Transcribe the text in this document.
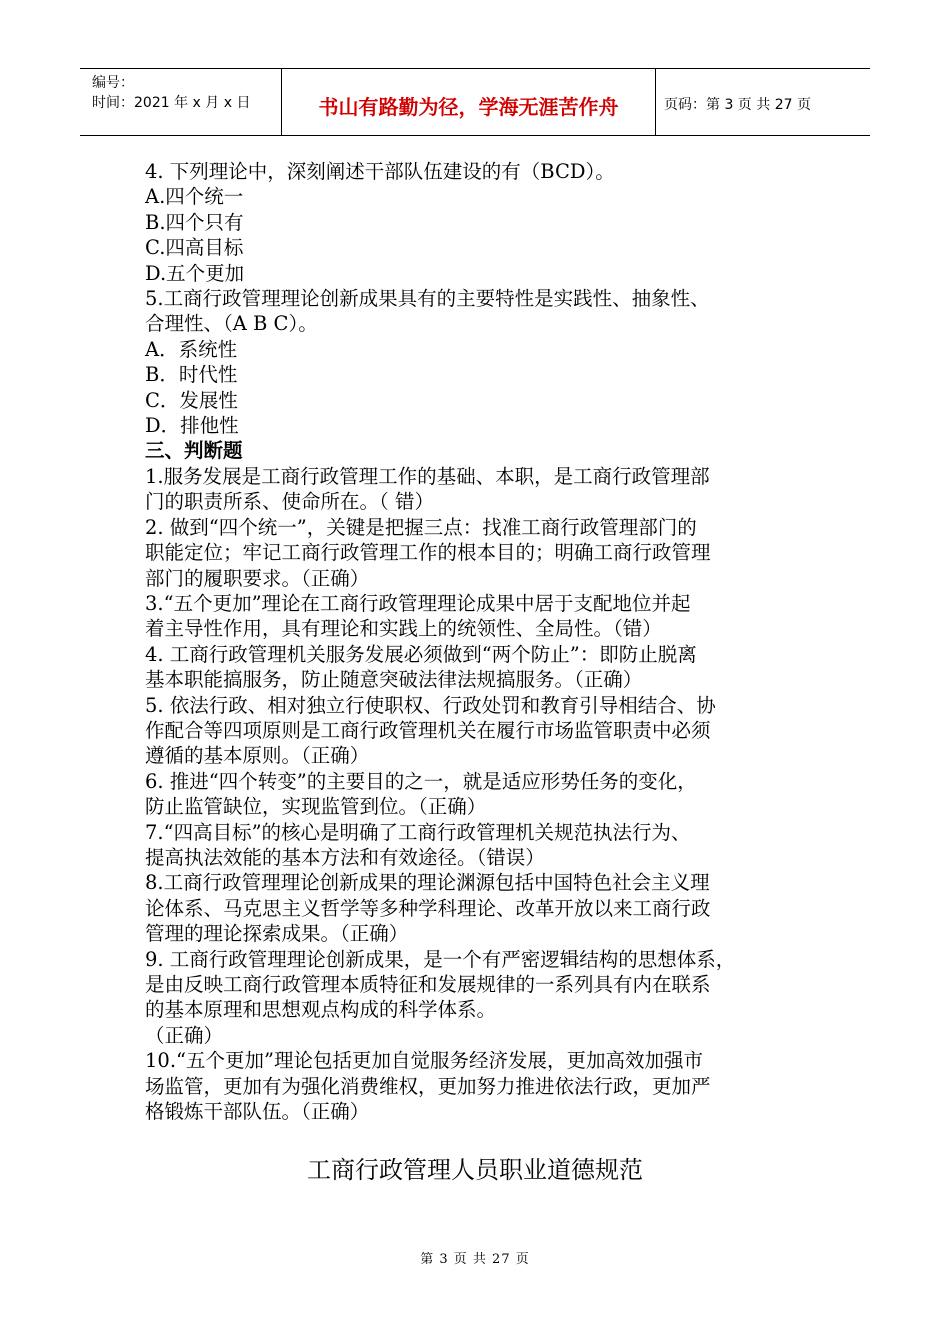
编号：
时间：2021 年 x 月 x 日	书山有路勤为径，学海无涯苦作舟	页码：第 3 页 共 27 页
4. 下列理论中，深刻阐述干部队伍建设的有（BCD）。
A.四个统一
B.四个只有
C.四高目标
D.五个更加
5.工商行政管理理论创新成果具有的主要特性是实践性、抽象性、
合理性、（A B C）。
A．系统性
B．时代性
C．发展性
D．排他性
三、判断题
1.服务发展是工商行政管理工作的基础、本职，是工商行政管理部
门的职责所系、使命所在。（ 错）
2. 做到“四个统一”，关键是把握三点：找准工商行政管理部门的
职能定位；牢记工商行政管理工作的根本目的；明确工商行政管理
部门的履职要求。（正确）
3.“五个更加”理论在工商行政管理理论成果中居于支配地位并起
着主导性作用，具有理论和实践上的统领性、全局性。（错）
4. 工商行政管理机关服务发展必须做到“两个防止”：即防止脱离
基本职能搞服务，防止随意突破法律法规搞服务。（正确）
5. 依法行政、相对独立行使职权、行政处罚和教育引导相结合、协
作配合等四项原则是工商行政管理机关在履行市场监管职责中必须
遵循的基本原则。（正确）
6. 推进“四个转变”的主要目的之一，就是适应形势任务的变化，
防止监管缺位，实现监管到位。（正确）
7.“四高目标”的核心是明确了工商行政管理机关规范执法行为、
提高执法效能的基本方法和有效途径。（错误）
8.工商行政管理理论创新成果的理论渊源包括中国特色社会主义理
论体系、马克思主义哲学等多种学科理论、改革开放以来工商行政
管理的理论探索成果。（正确）
9. 工商行政管理理论创新成果，是一个有严密逻辑结构的思想体系，
是由反映工商行政管理本质特征和发展规律的一系列具有内在联系
的基本原理和思想观点构成的科学体系。
（正确）
10.“五个更加”理论包括更加自觉服务经济发展，更加高效加强市
场监管，更加有为强化消费维权，更加努力推进依法行政，更加严
格锻炼干部队伍。（正确）
工商行政管理人员职业道德规范
第 3 页 共 27 页
